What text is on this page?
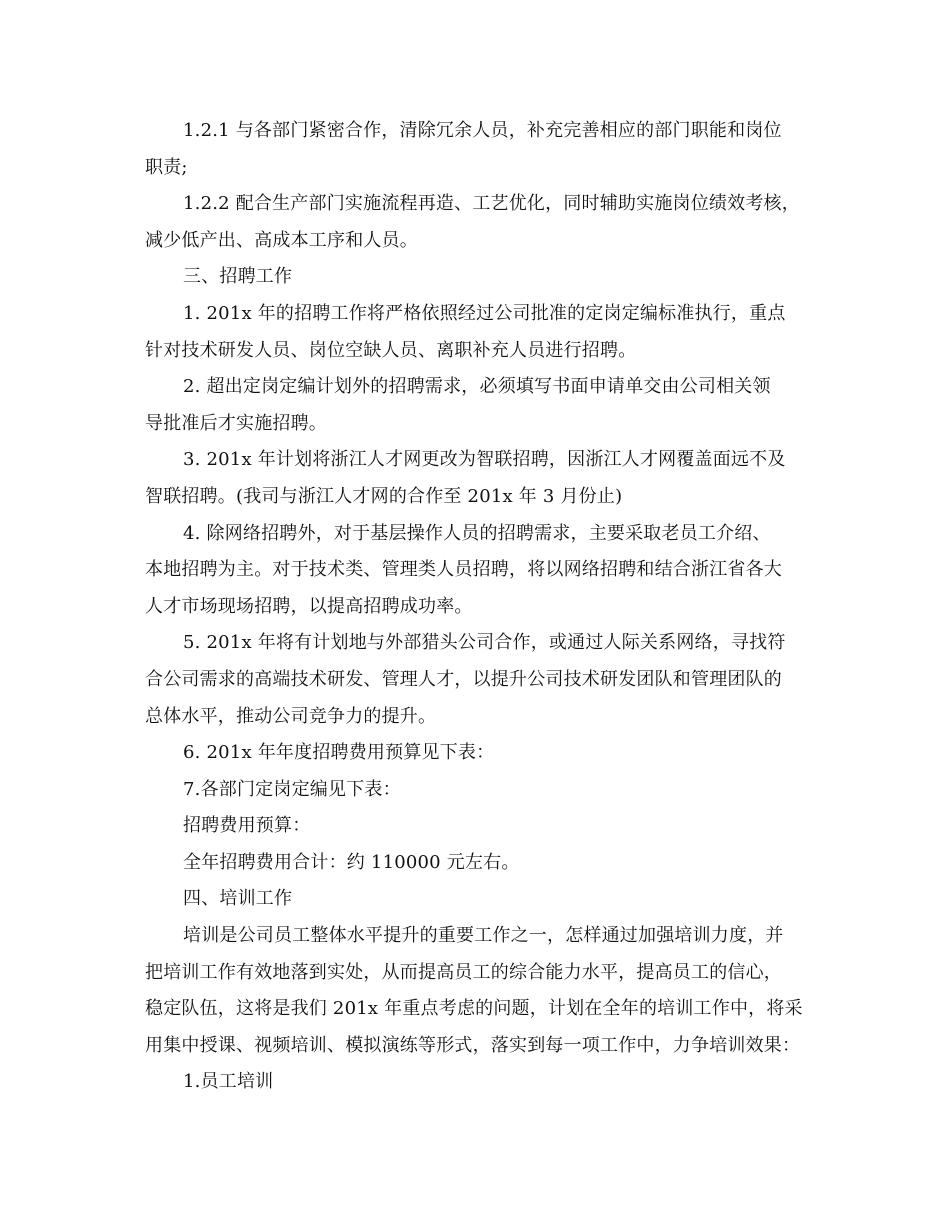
1.2.1 与各部门紧密合作，清除冗余人员，补充完善相应的部门职能和岗位
职责;
1.2.2 配合生产部门实施流程再造、工艺优化，同时辅助实施岗位绩效考核，
减少低产出、高成本工序和人员。
三、招聘工作
1. 201x 年的招聘工作将严格依照经过公司批准的定岗定编标准执行，重点
针对技术研发人员、岗位空缺人员、离职补充人员进行招聘。
2. 超出定岗定编计划外的招聘需求，必须填写书面申请单交由公司相关领
导批准后才实施招聘。
3. 201x 年计划将浙江人才网更改为智联招聘，因浙江人才网覆盖面远不及
智联招聘。(我司与浙江人才网的合作至 201x 年 3 月份止)
4. 除网络招聘外，对于基层操作人员的招聘需求，主要采取老员工介绍、
本地招聘为主。对于技术类、管理类人员招聘，将以网络招聘和结合浙江省各大
人才市场现场招聘，以提高招聘成功率。
5. 201x 年将有计划地与外部猎头公司合作，或通过人际关系网络，寻找符
合公司需求的高端技术研发、管理人才，以提升公司技术研发团队和管理团队的
总体水平，推动公司竞争力的提升。
6. 201x 年年度招聘费用预算见下表：
7.各部门定岗定编见下表：
招聘费用预算：
全年招聘费用合计：约 110000 元左右。
四、培训工作
培训是公司员工整体水平提升的重要工作之一，怎样通过加强培训力度，并
把培训工作有效地落到实处，从而提高员工的综合能力水平，提高员工的信心，
稳定队伍，这将是我们 201x 年重点考虑的问题，计划在全年的培训工作中，将采
用集中授课、视频培训、模拟演练等形式，落实到每一项工作中，力争培训效果：
1.员工培训
